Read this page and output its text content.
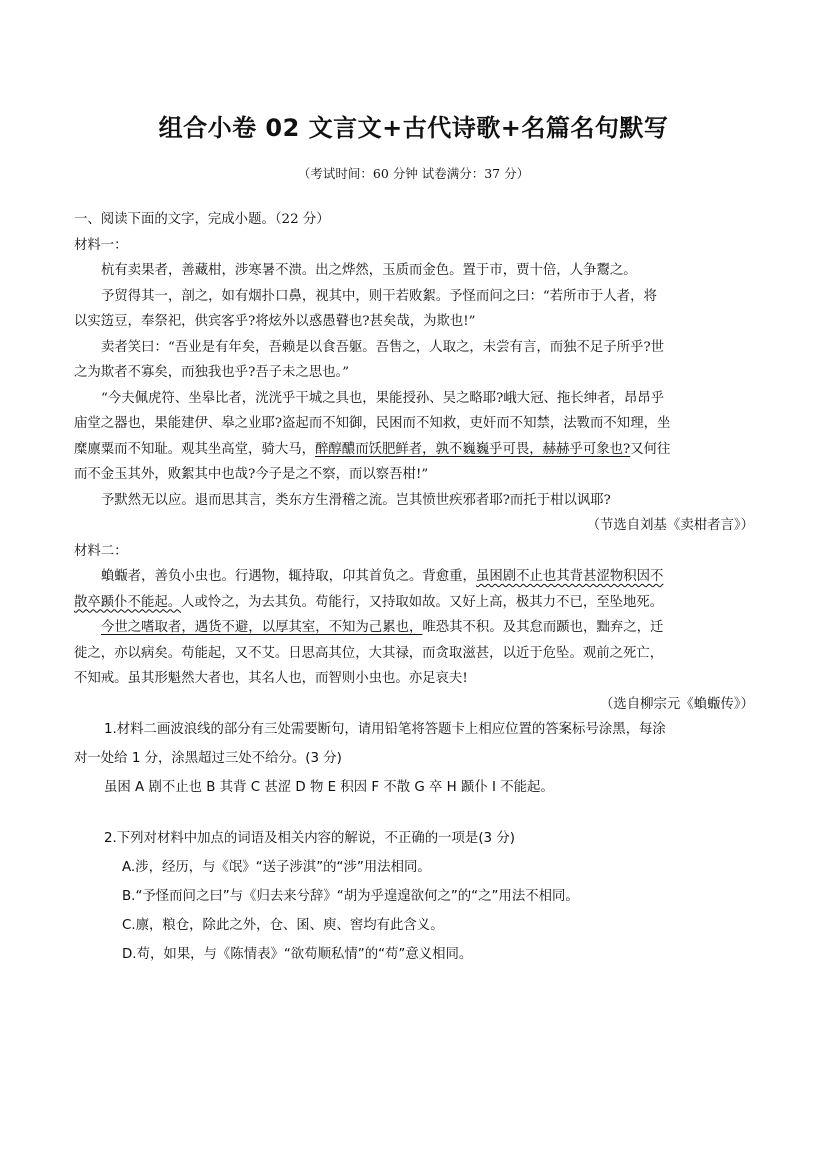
组合小卷 02 文言文+古代诗歌+名篇名句默写
（考试时间：60 分钟 试卷满分：37 分）
一、阅读下面的文字，完成小题。（22 分）
材料一：
杭有卖果者，善藏柑，涉寒暑不溃。出之烨然，玉质而金色。置于市，贾十倍，人争鬻之。
予贸得其一，剖之，如有烟扑口鼻，视其中，则干若败絮。予怪而问之曰：“若所市于人者，将
以实笾豆，奉祭祀，供宾客乎?将炫外以惑愚瞽也?甚矣哉，为欺也!”
卖者笑曰：“吾业是有年矣，吾赖是以食吾躯。吾售之，人取之，未尝有言，而独不足子所乎?世
之为欺者不寡矣，而独我也乎?吾子未之思也。”
“今夫佩虎符、坐皋比者，洸洸乎干城之具也，果能授孙、吴之略耶?峨大冠、拖长绅者，昂昂乎
庙堂之器也，果能建伊、皋之业耶?盗起而不知御，民困而不知救，吏奸而不知禁，法斁而不知理，坐
糜廪粟而不知耻。观其坐高堂，骑大马，醉醇醲而饫肥鲜者，孰不巍巍乎可畏，赫赫乎可象也?又何往
而不金玉其外，败絮其中也哉?今子是之不察，而以察吾柑!”
予默然无以应。退而思其言，类东方生滑稽之流。岂其愤世疾邪者耶?而托于柑以讽耶?
（节选自刘基《卖柑者言》）
材料二：
蝜蝂者，善负小虫也。行遇物，辄持取，卬其首负之。背愈重，虽困剧不止也其背甚涩物积因不
散卒踬仆不能起。人或怜之，为去其负。苟能行，又持取如故。又好上高，极其力不已，至坠地死。
今世之嗜取者，遇货不避，以厚其室，不知为己累也，唯恐其不积。及其怠而踬也，黜弃之，迁
徙之，亦以病矣。苟能起，又不艾。日思高其位，大其禄，而贪取滋甚，以近于危坠。观前之死亡，
不知戒。虽其形魁然大者也，其名人也，而智则小虫也。亦足哀夫!
（选自柳宗元《蝜蝂传》）
1.材料二画波浪线的部分有三处需要断句，请用铅笔将答题卡上相应位置的答案标号涂黑，每涂
对一处给 1 分，涂黑超过三处不给分。(3 分)
虽困 A 剧不止也 B 其背 C 甚涩 D 物 E 积因 F 不散 G 卒 H 踬仆 I 不能起。
2.下列对材料中加点的词语及相关内容的解说，不正确的一项是(3 分)
A.涉，经历，与《氓》“送子涉淇”的“涉”用法相同。
B.“予怪而问之曰”与《归去来兮辞》“胡为乎遑遑欲何之”的“之”用法不相同。
C.廪，粮仓，除此之外，仓、囷、庾、窖均有此含义。
D.苟，如果，与《陈情表》“欲苟顺私情”的“苟”意义相同。
